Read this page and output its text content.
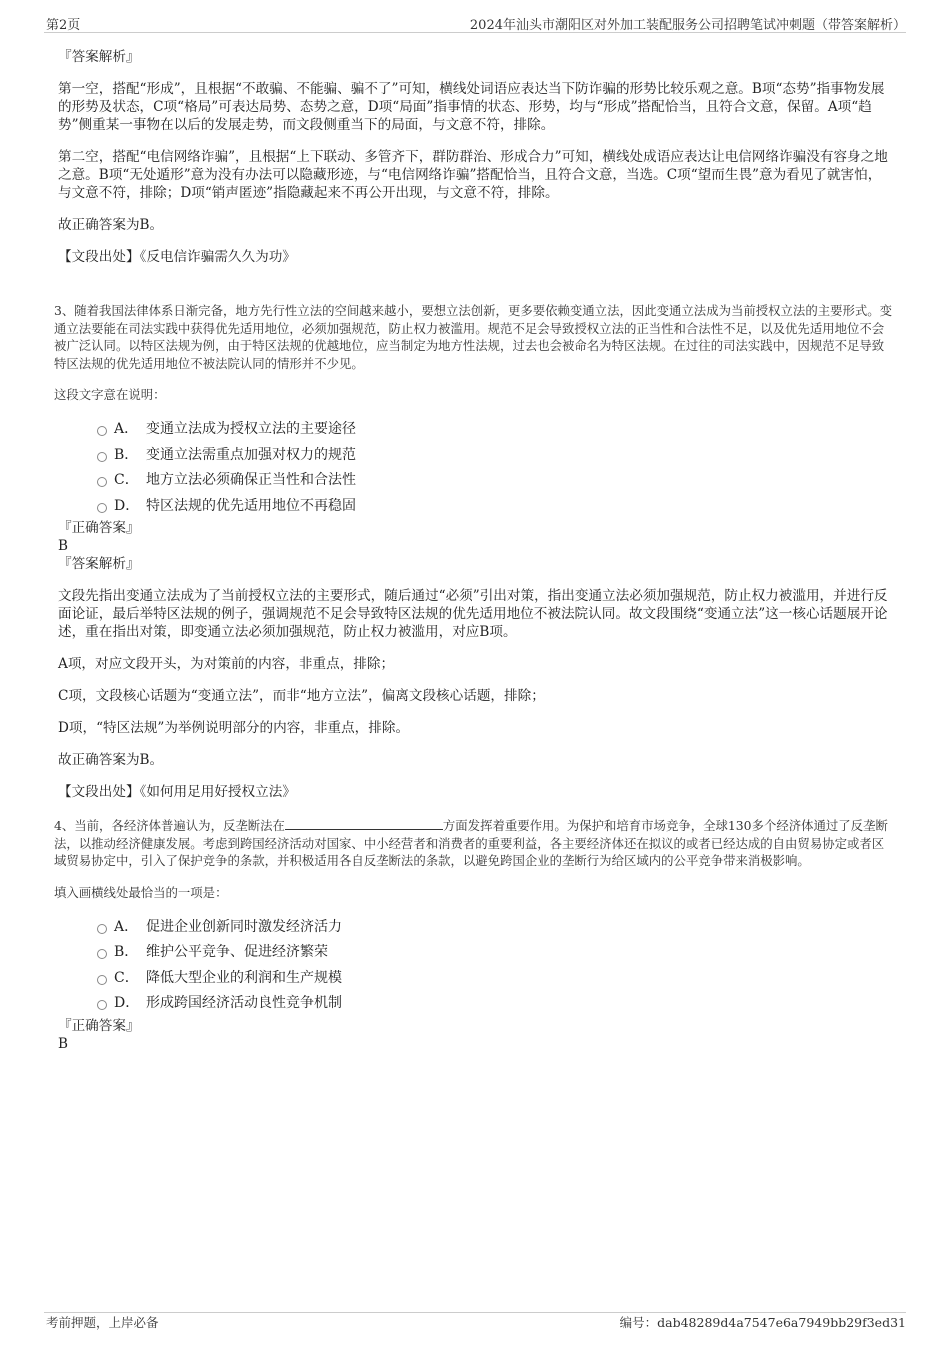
第2页	2024年汕头市潮阳区对外加工装配服务公司招聘笔试冲刺题（带答案解析）

『答案解析』

第一空，搭配“形成”，且根据“不敢骗、不能骗、骗不了”可知，横线处词语应表达当下防诈骗的形势比较乐观之意。B项“态势”指事物发展的形势及状态，C项“格局”可表达局势、态势之意，D项“局面”指事情的状态、形势，均与“形成”搭配恰当，且符合文意，保留。A项“趋势”侧重某一事物在以后的发展走势，而文段侧重当下的局面，与文意不符，排除。

第二空，搭配“电信网络诈骗”，且根据“上下联动、多管齐下，群防群治、形成合力”可知，横线处成语应表达让电信网络诈骗没有容身之地之意。B项“无处遁形”意为没有办法可以隐藏形迹，与“电信网络诈骗”搭配恰当，且符合文意，当选。C项“望而生畏”意为看见了就害怕，与文意不符，排除；D项“销声匿迹”指隐藏起来不再公开出现，与文意不符，排除。

故正确答案为B。

【文段出处】《反电信诈骗需久久为功》

3、随着我国法律体系日渐完备，地方先行性立法的空间越来越小，要想立法创新，更多要依赖变通立法，因此变通立法成为当前授权立法的主要形式。变通立法要能在司法实践中获得优先适用地位，必须加强规范，防止权力被滥用。规范不足会导致授权立法的正当性和合法性不足，以及优先适用地位不会被广泛认同。以特区法规为例，由于特区法规的优越地位，应当制定为地方性法规，过去也会被命名为特区法规。在过往的司法实践中，因规范不足导致特区法规的优先适用地位不被法院认同的情形并不少见。

这段文字意在说明：

A． 变通立法成为授权立法的主要途径
B． 变通立法需重点加强对权力的规范
C． 地方立法必须确保正当性和合法性
D． 特区法规的优先适用地位不再稳固

『正确答案』

B

『答案解析』

文段先指出变通立法成为了当前授权立法的主要形式，随后通过“必须”引出对策，指出变通立法必须加强规范，防止权力被滥用，并进行反面论证，最后举特区法规的例子，强调规范不足会导致特区法规的优先适用地位不被法院认同。故文段围绕“变通立法”这一核心话题展开论述，重在指出对策，即变通立法必须加强规范，防止权力被滥用，对应B项。

A项，对应文段开头，为对策前的内容，非重点，排除；

C项，文段核心话题为“变通立法”，而非“地方立法”，偏离文段核心话题，排除；

D项，“特区法规”为举例说明部分的内容，非重点，排除。

故正确答案为B。

【文段出处】《如何用足用好授权立法》

4、当前，各经济体普遍认为，反垄断法在	方面发挥着重要作用。为保护和培育市场竞争，全球130多个经济体通过了反垄断法，以推动经济健康发展。考虑到跨国经济活动对国家、中小经营者和消费者的重要利益，各主要经济体还在拟议的或者已经达成的自由贸易协定或者区域贸易协定中，引入了保护竞争的条款，并积极适用各自反垄断法的条款，以避免跨国企业的垄断行为给区域内的公平竞争带来消极影响。

填入画横线处最恰当的一项是：

A． 促进企业创新同时激发经济活力
B． 维护公平竞争、促进经济繁荣
C． 降低大型企业的利润和生产规模
D． 形成跨国经济活动良性竞争机制

『正确答案』

B

考前押题，上岸必备	编号：dab48289d4a7547e6a7949bb29f3ed31
